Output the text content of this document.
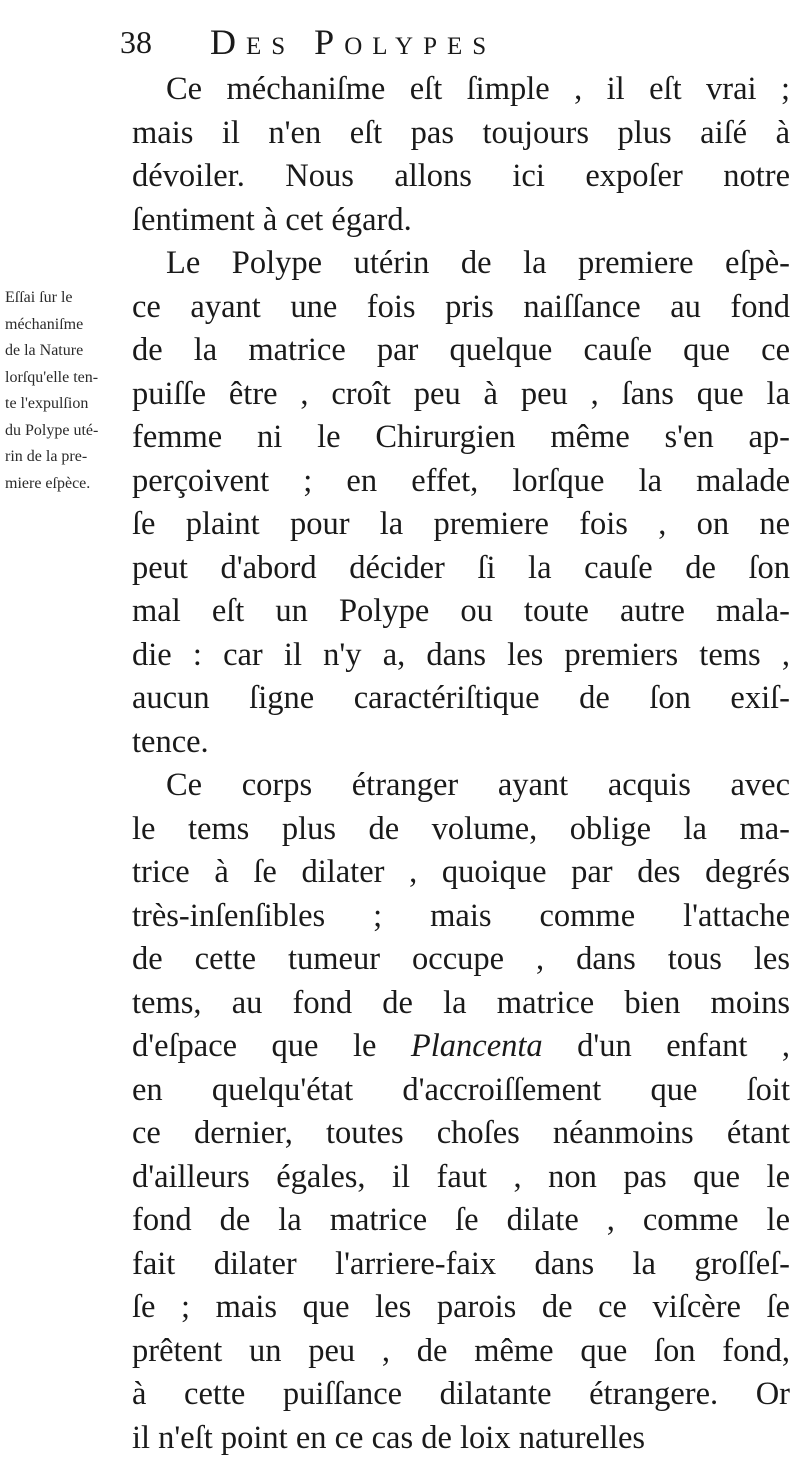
38 Des Polypes
Eſſai ſur le
méchaniſme
de la Nature
lorſqu'elle ten-
te l'expulſion
du Polype uté-
rin de la pre-
miere eſpèce.
Ce méchaniſme eſt ſimple , il eſt vrai ;
mais il n'en eſt pas toujours plus aiſé à
dévoiler. Nous allons ici expoſer notre
ſentiment à cet égard.
Le Polype utérin de la premiere eſpè-
ce ayant une fois pris naiſſance au fond
de la matrice par quelque cauſe que ce
puiſſe être , croît peu à peu , ſans que la
femme ni le Chirurgien même s'en ap-
perçoivent ; en effet, lorſque la malade
ſe plaint pour la premiere fois , on ne
peut d'abord décider ſi la cauſe de ſon
mal eſt un Polype ou toute autre mala-
die : car il n'y a, dans les premiers tems ,
aucun ſigne caractériſtique de ſon exiſ-
tence.
Ce corps étranger ayant acquis avec
le tems plus de volume, oblige la ma-
trice à ſe dilater , quoique par des degrés
très-inſenſibles ; mais comme l'attache
de cette tumeur occupe , dans tous les
tems, au fond de la matrice bien moins
d'eſpace que le Plancenta d'un enfant ,
en quelqu'état d'accroiſſement que ſoit
ce dernier, toutes choſes néanmoins étant
d'ailleurs égales, il faut , non pas que le
fond de la matrice ſe dilate , comme le
fait dilater l'arriere-faix dans la groſſeſ-
ſe ; mais que les parois de ce viſcère ſe
prêtent un peu , de même que ſon fond,
à cette puiſſance dilatante étrangere. Or
il n'eſt point en ce cas de loix naturelles
